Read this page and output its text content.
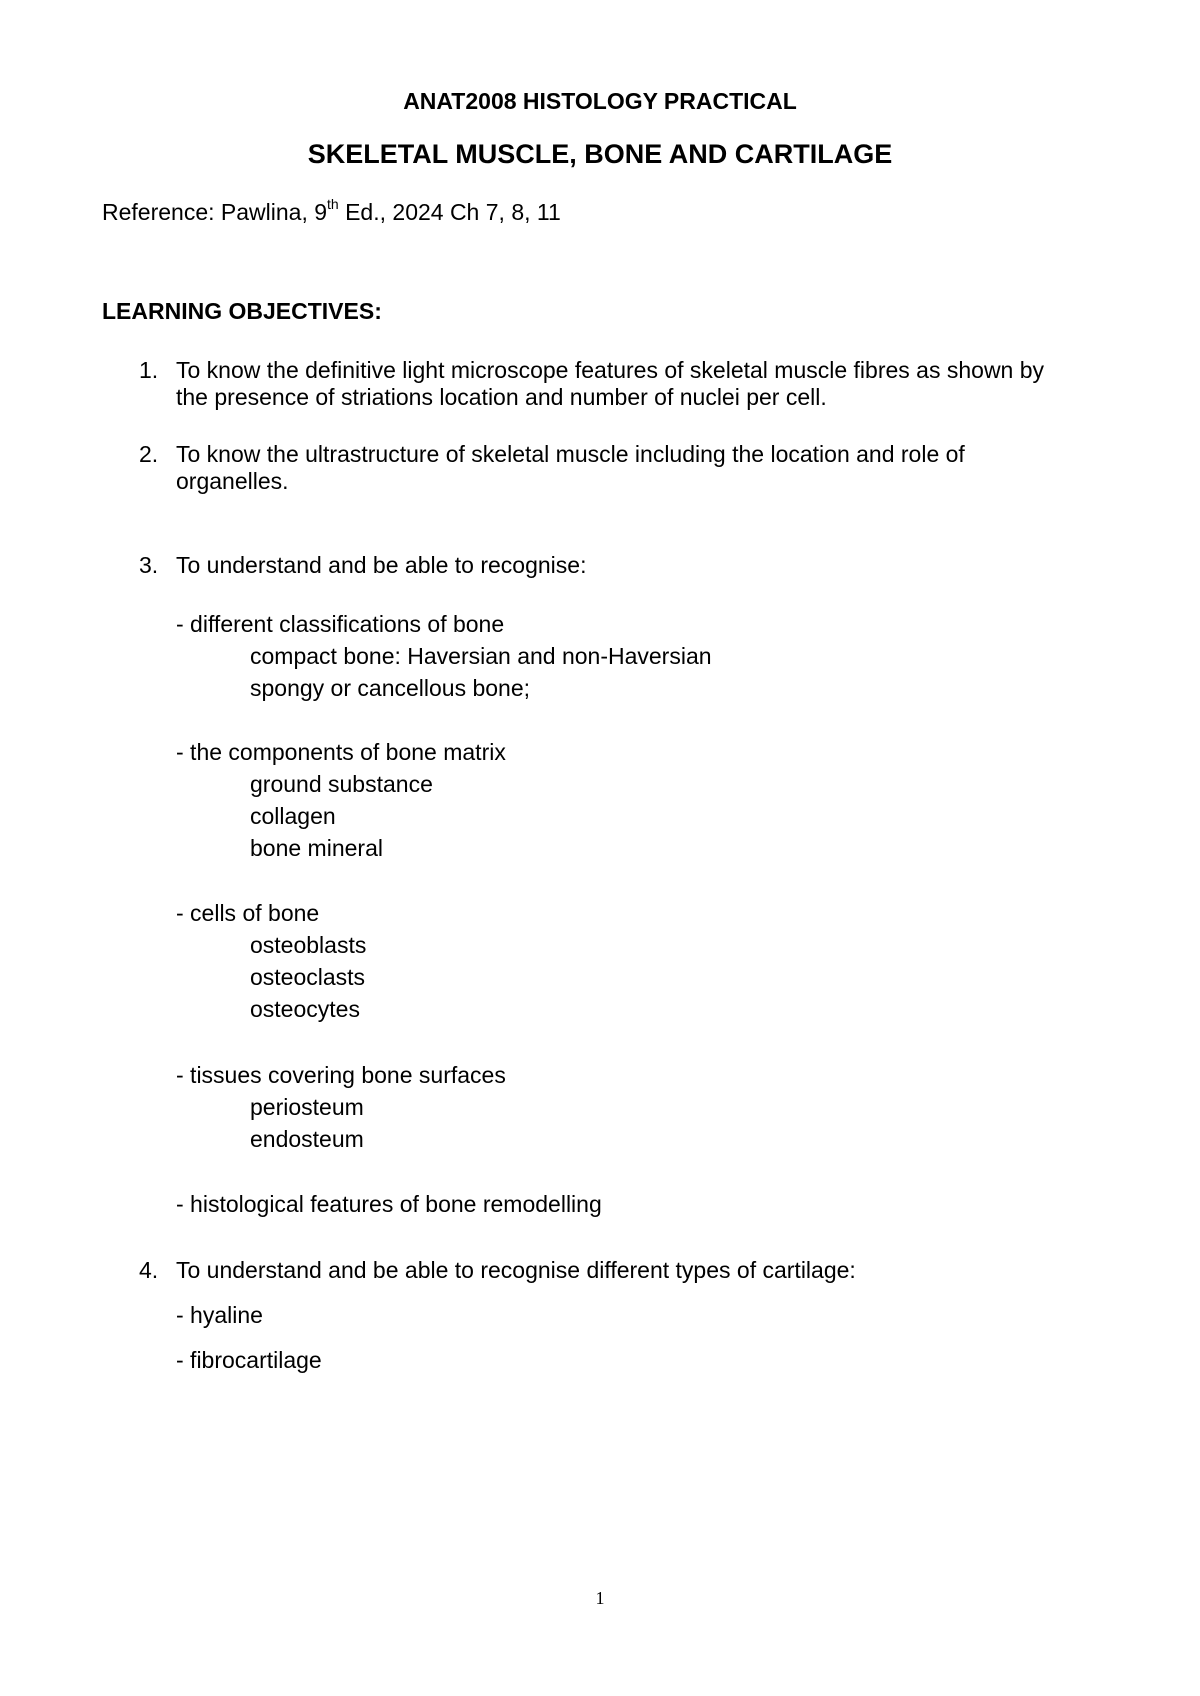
ANAT2008 HISTOLOGY PRACTICAL
SKELETAL MUSCLE, BONE AND CARTILAGE
Reference: Pawlina, 9th Ed., 2024 Ch 7, 8, 11
LEARNING OBJECTIVES:
1. To know the definitive light microscope features of skeletal muscle fibres as shown by
the presence of striations location and number of nuclei per cell.
2. To know the ultrastructure of skeletal muscle including the location and role of
organelles.
3. To understand and be able to recognise:
- different classifications of bone
compact bone: Haversian and non-Haversian
spongy or cancellous bone;
- the components of bone matrix
ground substance
collagen
bone mineral
- cells of bone
osteoblasts
osteoclasts
osteocytes
- tissues covering bone surfaces
periosteum
endosteum
- histological features of bone remodelling
4. To understand and be able to recognise different types of cartilage:
- hyaline
- fibrocartilage
1
